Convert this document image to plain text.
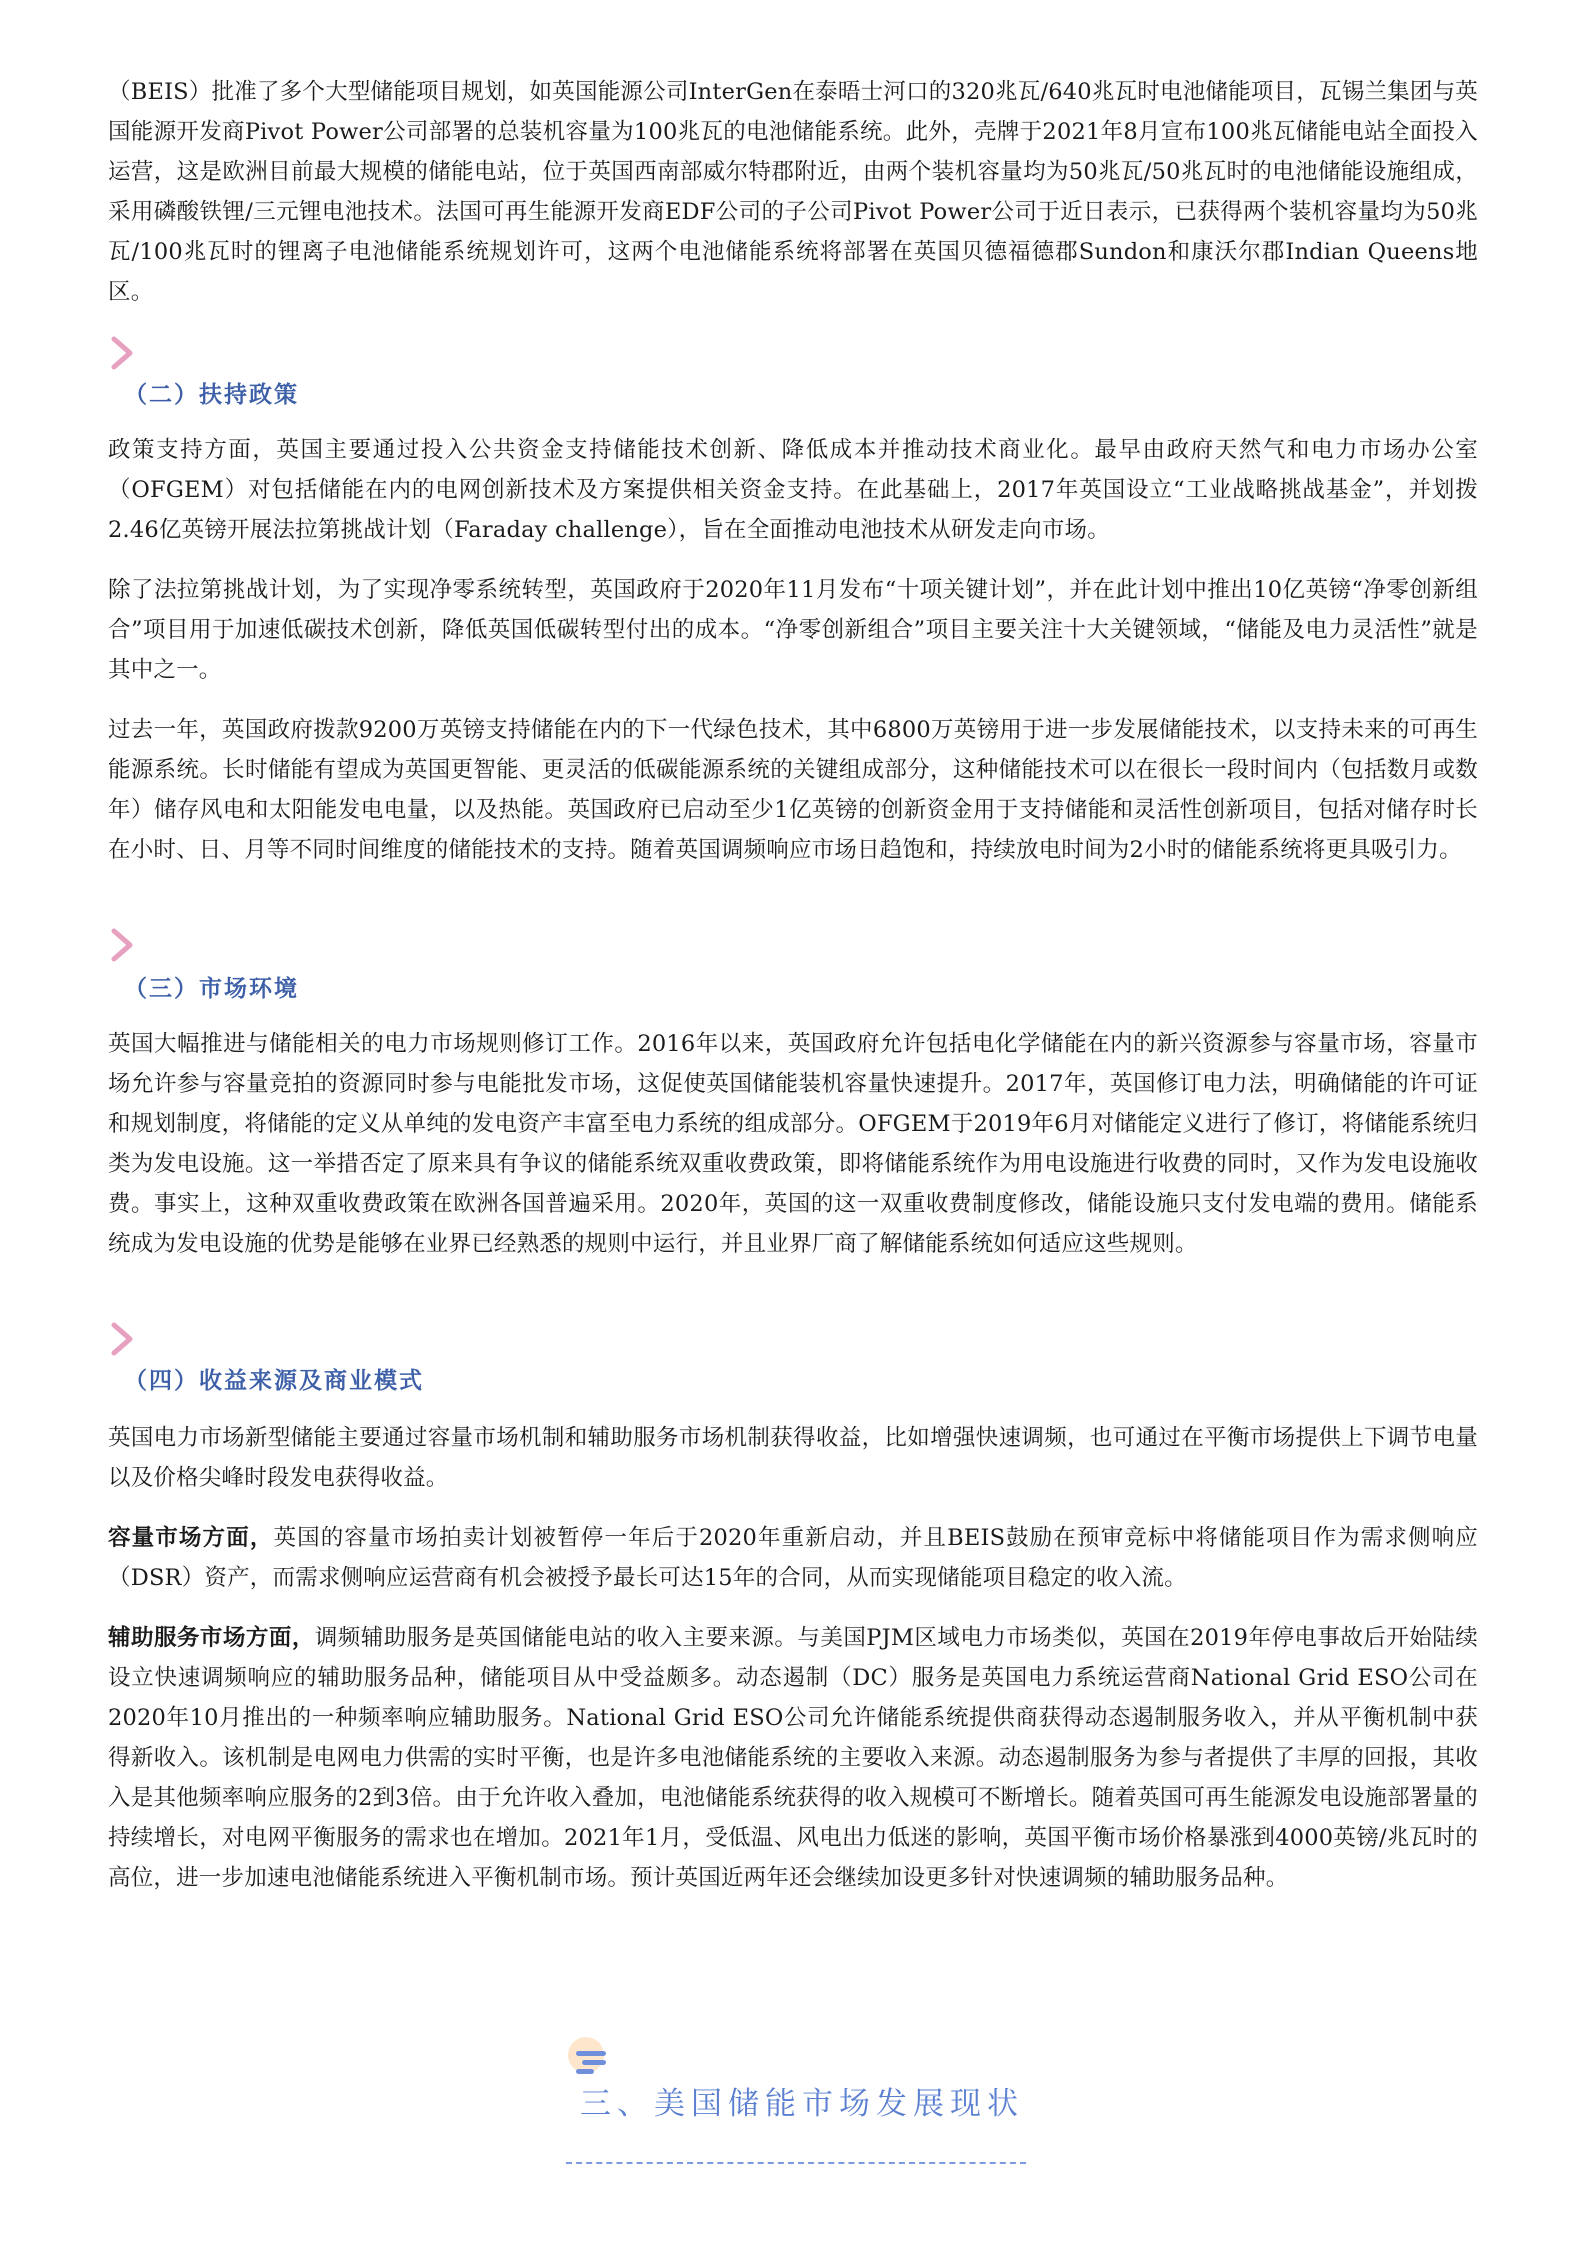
（BEIS）批准了多个大型储能项目规划，如英国能源公司InterGen在泰晤士河口的320兆瓦/640兆瓦时电池储能项目，瓦锡兰集团与英国能源开发商Pivot Power公司部署的总装机容量为100兆瓦的电池储能系统。此外，壳牌于2021年8月宣布100兆瓦储能电站全面投入运营，这是欧洲目前最大规模的储能电站，位于英国西南部威尔特郡附近，由两个装机容量均为50兆瓦/50兆瓦时的电池储能设施组成，采用磷酸铁锂/三元锂电池技术。法国可再生能源开发商EDF公司的子公司Pivot Power公司于近日表示，已获得两个装机容量均为50兆瓦/100兆瓦时的锂离子电池储能系统规划许可，这两个电池储能系统将部署在英国贝德福德郡Sundon和康沃尔郡Indian Queens地区。

（二）扶持政策

政策支持方面，英国主要通过投入公共资金支持储能技术创新、降低成本并推动技术商业化。最早由政府天然气和电力市场办公室（OFGEM）对包括储能在内的电网创新技术及方案提供相关资金支持。在此基础上，2017年英国设立“工业战略挑战基金”，并划拨2.46亿英镑开展法拉第挑战计划（Faraday challenge），旨在全面推动电池技术从研发走向市场。

除了法拉第挑战计划，为了实现净零系统转型，英国政府于2020年11月发布“十项关键计划”，并在此计划中推出10亿英镑“净零创新组合”项目用于加速低碳技术创新，降低英国低碳转型付出的成本。“净零创新组合”项目主要关注十大关键领域，“储能及电力灵活性”就是其中之一。

过去一年，英国政府拨款9200万英镑支持储能在内的下一代绿色技术，其中6800万英镑用于进一步发展储能技术，以支持未来的可再生能源系统。长时储能有望成为英国更智能、更灵活的低碳能源系统的关键组成部分，这种储能技术可以在很长一段时间内（包括数月或数年）储存风电和太阳能发电电量，以及热能。英国政府已启动至少1亿英镑的创新资金用于支持储能和灵活性创新项目，包括对储存时长在小时、日、月等不同时间维度的储能技术的支持。随着英国调频响应市场日趋饱和，持续放电时间为2小时的储能系统将更具吸引力。

（三）市场环境

英国大幅推进与储能相关的电力市场规则修订工作。2016年以来，英国政府允许包括电化学储能在内的新兴资源参与容量市场，容量市场允许参与容量竞拍的资源同时参与电能批发市场，这促使英国储能装机容量快速提升。2017年，英国修订电力法，明确储能的许可证和规划制度，将储能的定义从单纯的发电资产丰富至电力系统的组成部分。OFGEM于2019年6月对储能定义进行了修订，将储能系统归类为发电设施。这一举措否定了原来具有争议的储能系统双重收费政策，即将储能系统作为用电设施进行收费的同时，又作为发电设施收费。事实上，这种双重收费政策在欧洲各国普遍采用。2020年，英国的这一双重收费制度修改，储能设施只支付发电端的费用。储能系统成为发电设施的优势是能够在业界已经熟悉的规则中运行，并且业界厂商了解储能系统如何适应这些规则。

（四）收益来源及商业模式

英国电力市场新型储能主要通过容量市场机制和辅助服务市场机制获得收益，比如增强快速调频，也可通过在平衡市场提供上下调节电量以及价格尖峰时段发电获得收益。

容量市场方面，英国的容量市场拍卖计划被暂停一年后于2020年重新启动，并且BEIS鼓励在预审竞标中将储能项目作为需求侧响应（DSR）资产，而需求侧响应运营商有机会被授予最长可达15年的合同，从而实现储能项目稳定的收入流。

辅助服务市场方面，调频辅助服务是英国储能电站的收入主要来源。与美国PJM区域电力市场类似，英国在2019年停电事故后开始陆续设立快速调频响应的辅助服务品种，储能项目从中受益颇多。动态遏制（DC）服务是英国电力系统运营商National Grid ESO公司在2020年10月推出的一种频率响应辅助服务。National Grid ESO公司允许储能系统提供商获得动态遏制服务收入，并从平衡机制中获得新收入。该机制是电网电力供需的实时平衡，也是许多电池储能系统的主要收入来源。动态遏制服务为参与者提供了丰厚的回报，其收入是其他频率响应服务的2到3倍。由于允许收入叠加，电池储能系统获得的收入规模可不断增长。随着英国可再生能源发电设施部署量的持续增长，对电网平衡服务的需求也在增加。2021年1月，受低温、风电出力低迷的影响，英国平衡市场价格暴涨到4000英镑/兆瓦时的高位，进一步加速电池储能系统进入平衡机制市场。预计英国近两年还会继续加设更多针对快速调频的辅助服务品种。

三、美国储能市场发展现状
